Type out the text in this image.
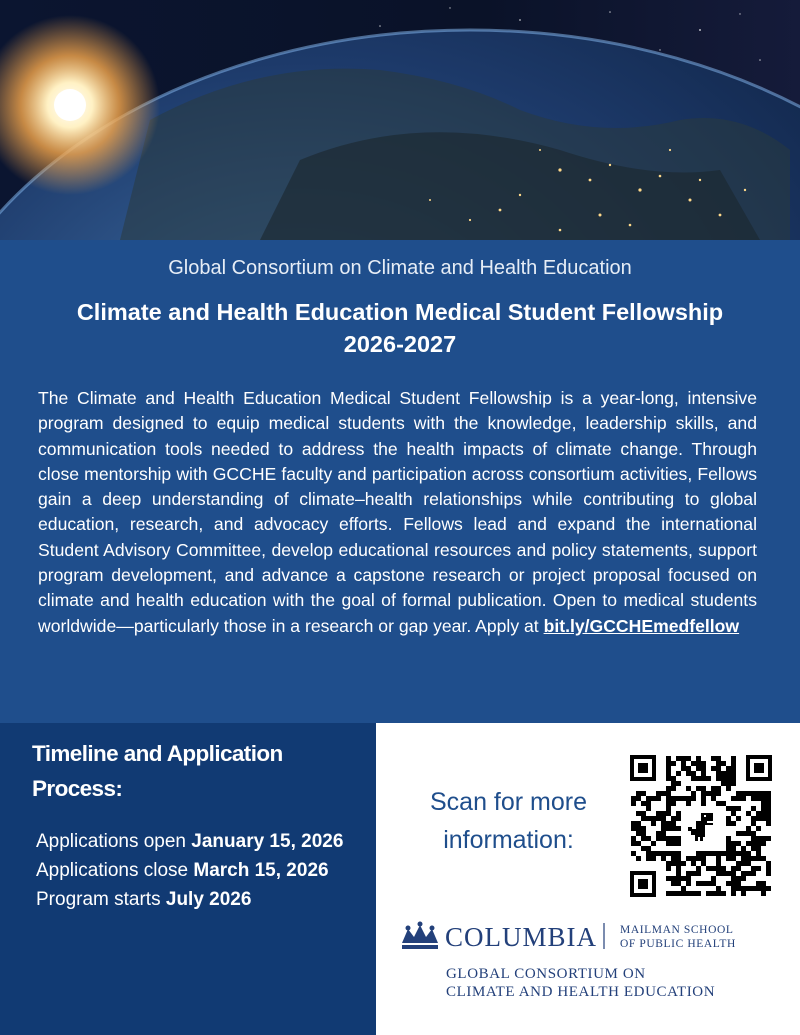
Global Consortium on Climate and Health Education
Climate and Health Education Medical Student Fellowship
2026-2027

The Climate and Health Education Medical Student Fellowship is a year-long, intensive program designed to equip medical students with the knowledge, leadership skills, and communication tools needed to address the health impacts of climate change. Through close mentorship with GCCHE faculty and participation across consortium activities, Fellows gain a deep understanding of climate–health relationships while contributing to global education, research, and advocacy efforts. Fellows lead and expand the international Student Advisory Committee, develop educational resources and policy statements, support program development, and advance a capstone research or project proposal focused on climate and health education with the goal of formal publication. Open to medical students worldwide—particularly those in a research or gap year. Apply at bit.ly/GCCHEmedfellow

Timeline and Application Process:
Applications open January 15, 2026
Applications close March 15, 2026
Program starts July 2026
Scan for more information:
COLUMBIA MAILMAN SCHOOL
OF PUBLIC HEALTH
GLOBAL CONSORTIUM ON
CLIMATE AND HEALTH EDUCATION
